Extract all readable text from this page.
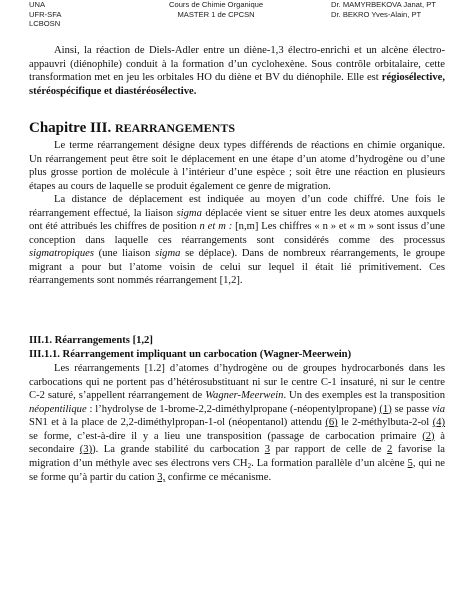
UNA
UFR-SFA
LCBOSN
Cours de Chimie Organique
MASTER 1 de CPCSN
Dr. MAMYRBEKOVA Janat, PT
Dr. BEKRO Yves-Alain, PT

Ainsi, la réaction de Diels-Adler entre un diène-1,3 électro-enrichi et un alcène électro-appauvri (diénophile) conduit à la formation d’un cyclohexène. Sous contrôle orbitalaire, cette transformation met en jeu les orbitales HO du diène et BV du diénophile. Elle est régiosélective, stéréospécifique et diastéréosélective.

Chapitre III. REARRANGEMENTS

Le terme réarrangement désigne deux types différends de réactions en chimie organique. Un réarrangement peut être soit le déplacement en une étape d’un atome d’hydrogène ou d’une plus grosse portion de molécule à l’intérieur d’une espèce ; soit être une réaction en plusieurs étapes au cours de laquelle se produit également ce genre de migration.

La distance de déplacement est indiquée au moyen d’un code chiffré. Une fois le réarrangement effectué, la liaison sigma déplacée vient se situer entre les deux atomes auxquels ont été attribués les chiffres de position n et m : [n,m] Les chiffres « n » et « m » sont issus d’une conception dans laquelle ces réarrangements sont considérés comme des processus sigmatropiques (une liaison sigma se déplace). Dans de nombreux réarrangements, le groupe migrant a pour but l’atome voisin de celui sur lequel il était lié primitivement. Ces réarrangements sont nommés réarrangement [1,2].

III.1. Réarrangements [1,2]
III.1.1. Réarrangement impliquant un carbocation (Wagner-Meerwein)

Les réarrangements [1.2] d’atomes d’hydrogène ou de groupes hydrocarbonés dans les carbocations qui ne portent pas d’hétérosubstituant ni sur le centre C-1 insaturé, ni sur le centre C-2 saturé, s’appellent réarrangement de Wagner-Meerwein. Un des exemples est la transposition néopentilique : l’hydrolyse de 1-brome-2,2-diméthylpropane (-néopentylpropane) (1) se passe via SN1 et à la place de 2,2-diméthylpropan-1-ol (néopentanol) attendu (6) le 2-méthylbuta-2-ol (4) se forme, c’est-à-dire il y a lieu une transposition (passage de carbocation primaire (2) à secondaire (3)). La grande stabilité du carbocation 3 par rapport de celle de 2 favorise la migration d’un méthyle avec ses électrons vers $CH_2$. La formation parallèle d’un alcène 5, qui ne se forme qu’à partir du cation 3, confirme ce mécanisme.
